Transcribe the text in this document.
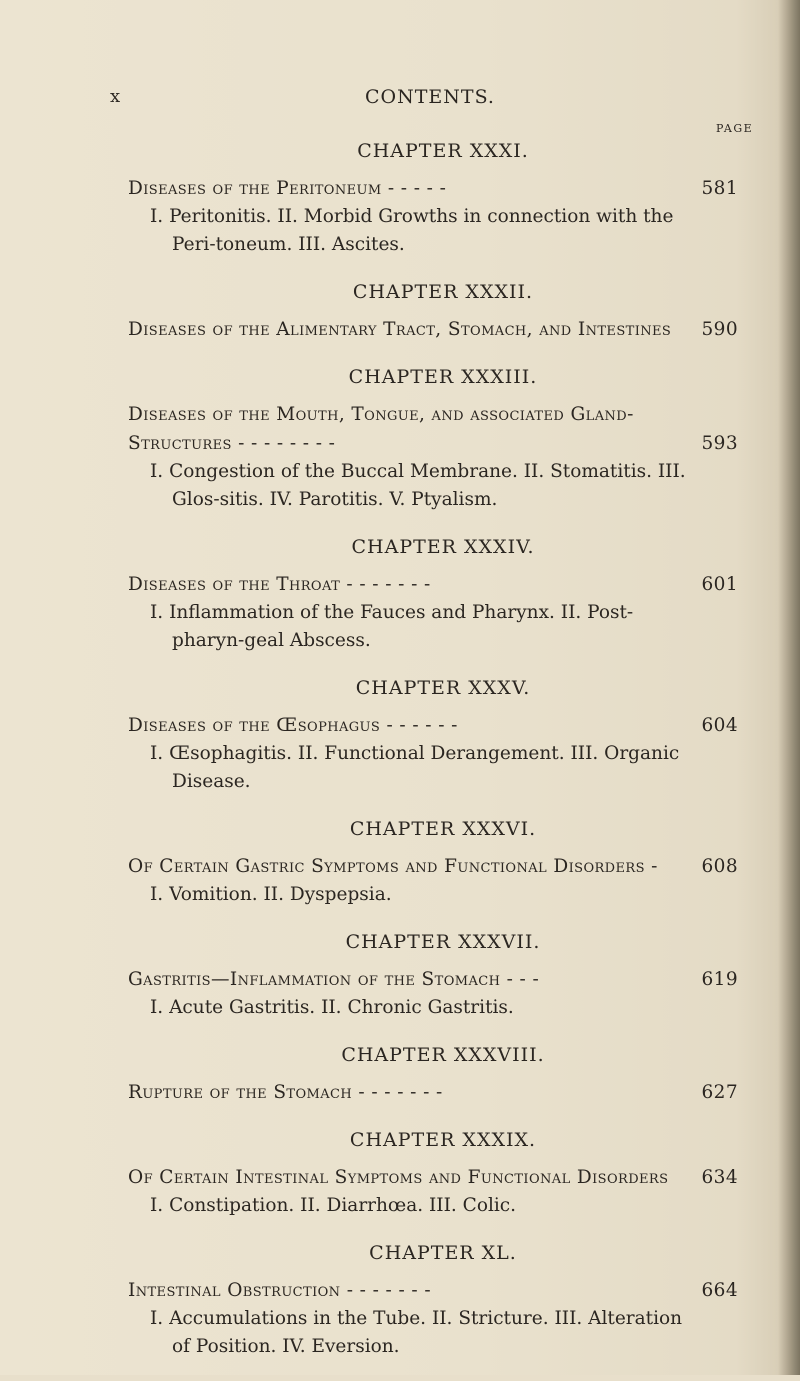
x	CONTENTS.
PAGE
CHAPTER XXXI.
Diseases of the Peritoneum - - - - -	581
I. Peritonitis. II. Morbid Growths in connection with the Peri-toneum. III. Ascites.
CHAPTER XXXII.
Diseases of the Alimentary Tract, Stomach, and Intestines	590
CHAPTER XXXIII.
Diseases of the Mouth, Tongue, and associated Gland-
Structures - - - - - - - -	593
I. Congestion of the Buccal Membrane. II. Stomatitis. III. Glos-sitis. IV. Parotitis. V. Ptyalism.
CHAPTER XXXIV.
Diseases of the Throat - - - - - - -	601
I. Inflammation of the Fauces and Pharynx. II. Post-pharyn-geal Abscess.
CHAPTER XXXV.
Diseases of the Œsophagus - - - - - -	604
I. Œsophagitis. II. Functional Derangement. III. Organic Disease.
CHAPTER XXXVI.
Of Certain Gastric Symptoms and Functional Disorders -	608
I. Vomition. II. Dyspepsia.
CHAPTER XXXVII.
Gastritis—Inflammation of the Stomach - - -	619
I. Acute Gastritis. II. Chronic Gastritis.
CHAPTER XXXVIII.
Rupture of the Stomach - - - - - - -	627
CHAPTER XXXIX.
Of Certain Intestinal Symptoms and Functional Disorders	634
I. Constipation. II. Diarrhœa. III. Colic.
CHAPTER XL.
Intestinal Obstruction - - - - - - -	664
I. Accumulations in the Tube. II. Stricture. III. Alteration of Position. IV. Eversion.
